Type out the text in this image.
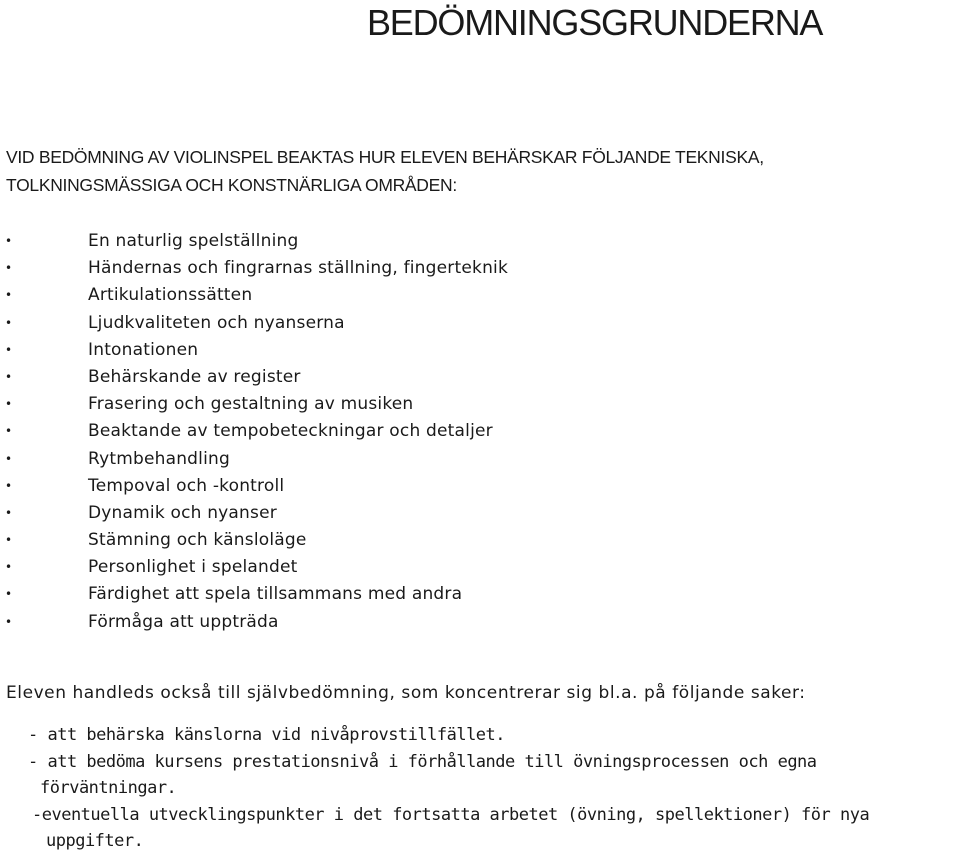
BEDÖMNINGSGRUNDERNA

VID BEDÖMNING AV VIOLINSPEL BEAKTAS HUR ELEVEN BEHÄRSKAR FÖLJANDE TEKNISKA,
TOLKNINGSMÄSSIGA OCH KONSTNÄRLIGA OMRÅDEN:

•	En naturlig spelställning
•	Händernas och fingrarnas ställning, fingerteknik
•	Artikulationssätten
•	Ljudkvaliteten och nyanserna
•	Intonationen
•	Behärskande av register
•	Frasering och gestaltning av musiken
•	Beaktande av tempobeteckningar och detaljer
•	Rytmbehandling
•	Tempoval och -kontroll
•	Dynamik och nyanser
•	Stämning och känsloläge
•	Personlighet i spelandet
•	Färdighet att spela tillsammans med andra
•	Förmåga att uppträda

Eleven handleds också till självbedömning, som koncentrerar sig bl.a. på följande saker:

- att behärska känslorna vid nivåprovstillfället.
- att bedöma kursens prestationsnivå i förhållande till övningsprocessen och egna
förväntningar.
-eventuella utvecklingspunkter i det fortsatta arbetet (övning, spellektioner) för nya
uppgifter.
